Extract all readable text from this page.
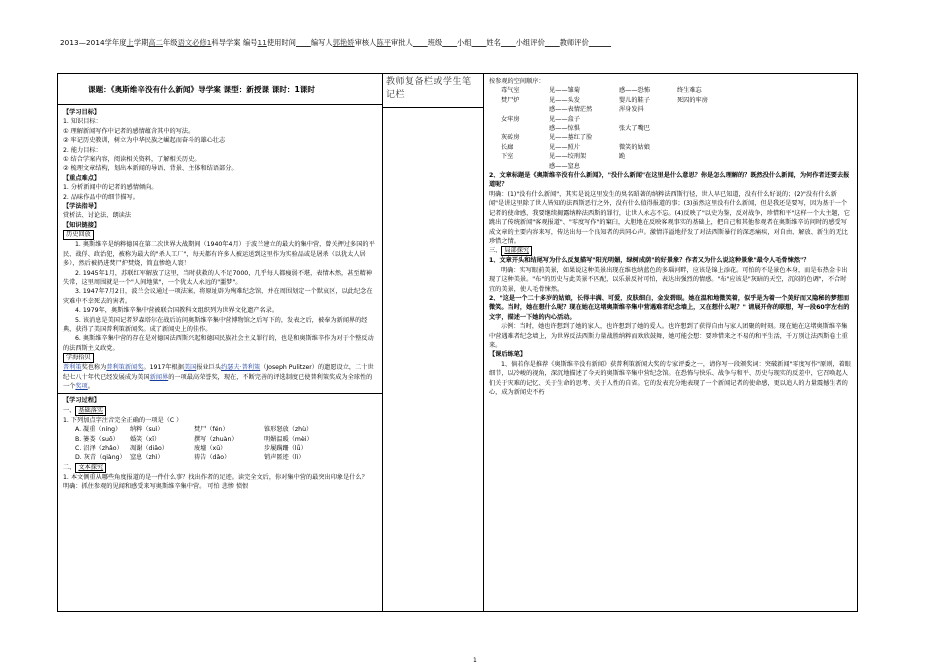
2013—2014学年度上学期高二年级语文必修1科导学案 编号11使用时间____编写人郭艳娇审核人陈平审批人____班级____小组____姓名____小组评价____教师评价______
课题：《奥斯维辛没有什么新闻》导学案 课型：新授课 课时：1课时

【学习目标】

1. 知识目标：

① 理解新闻写作中记者的感情蕴含其中的写法。

② 牢记历史教训，树立为中华民族之崛起而奋斗的雄心壮志

2. 能力目标：

① 结合学案内容，阅读相关资料，了解相关历史。

② 梳理文章结构，划出本新闻的导语、背景、主体和结语部分。

【重点难点】

1. 分析新闻中的记者的感情倾向。

2. 品味作品中的细节描写。

【学法指导】

赏析法、讨论法、朗读法

【知识链接】

历史回放

1. 奥斯维辛是纳粹德国在第二次世界大战期间（1940年4月）于波兰建立的最大的集中营，曾关押过多国的平民、战俘、政治犯，被称为最大的"杀人工厂"，每天都有许多人被运送到这里作为实验品或是屠杀（以犹太人居多），然后被扔进焚尸炉焚烧，简直惨绝人寰！

2. 1945年1月，苏联红军解放了这里，当时获救的人不足7000，几乎每人都瘦弱不堪，表情木然，甚至精神失常，这里周围就是一个"人间地狱"，一个犹太人永远的"噩梦"。

3. 1947年7月2日，波兰会议通过一项法案，将原址辟为殉难纪念馆，并在周围划定一个默哀区，以此纪念在灾难中不幸死去的害者。

4. 1979年，奥斯维辛集中营被联合国教科文组织列为世界文化遗产名录。

5. 该消息是美国记者罗森塔尔在战后访问奥斯维辛集中营博物馆之后写下的，发表之后，被奉为新闻界的经典，获得了美国普利策新闻奖。成了新闻史上的佳作。

6. 奥斯维辛集中营的存在是对德国法西斯兴起和德国民族社会主义罪行的，也是和奥斯维辛作为对于个整反动的法西斯主义政党。

学海拾贝

普利策奖也称为普利策新闻奖。1917年根据美国报业巨头约瑟夫·普利策（Joseph Pulitzer）的遗愿设立，二十世纪七八十年代已经发展成为美国新闻界的一项最高荣誉奖，现在，不断完善的评选制度已使普利策奖成为全球性的一个奖项。

【学习过程】

一、 基础落实

1. 下列加点字注音完全正确的一项是（C ）

A. 凝重（níng）	纳粹（suì）	焚尸（fén）	锥形怒放（zhù）
B. 篓娄（suō）	婚笑（xī）	撰写（zhuàn）	明媚温暖（mèi）
C. 沼泽（zhǎo）	凋谢（diāo）	废墟（xū）	步履蹒跚（lǚ）
D. 灰青（qiàng） 窒息（zhì）	祷告（dǎo）	销声匿迹（lì）

二、 文本探究

1. 本文侧重从哪些角度报道的是一件什么事？找出作者的足迹。读完全文后，你对集中营的最突出印象是什么？

明确：抓住参观的见闻和感受来写奥斯维辛集中营。 可怕 悲惨 愤恨

教师复备栏或学生笔记栏

按参观的空间顺序：

毒气室	见——雏菊	感——恐怖	终生难忘
焚尸炉	见——头发	婴儿的鞋子	死囚的牢房
感——表情茫然	浑身发抖
女牢房	见——盒子
感——惊惧	张大了嘴巴
灰砖房	见——墓红了脸
长廊	见——照片	微笑的姑娘
下室	见——绞刑架	跪
感——窒息

2、文章标题是《奥斯维辛没有什么新闻》，"没什么新闻"在这里是什么意思？你是怎么理解的？既然没什么新闻，为何作者还要去报道呢？

明确：(1)"没有什么新闻"，其实是说这里发生的臭名昭著的纳粹法西斯行径，世人早已知道，没有什么好说的；(2)"没有什么新闻"是讲这里除了世人皆知的法西斯恶行之外，没有什么值得报道的事；(3)虽然这里没有什么新闻，但是我还是要写，因为基于一个记者的使命感，我要继续揭露纳粹法西斯的罪行，让世人永志不忘。(4)反映了"以史为鉴，反对战争，珍惜和平"这样一个大主题，它跳出了传统新闻"客观报道"、"零度写作"的窠臼，大胆地在反映客观事实的基础上，把自己和其他参观者在奥斯维辛访问时的感受写成文章的主要内容来写，传达出每一个良知者的共同心声。激情洋溢地抒发了对法西斯暴行的深恶痛疾，对自由、解放、新生的无比珍惜之情。

三、 局部探究

1、文章开头和结尾写为什么反复描写"阳光明媚，绿树成荫"的好景象？作者又为什么说这种景象"最令人毛骨悚然"？

明确：实写眼前美景，如果说这种美景出现在维也纳蓝色的多瑙河畔，应该是锦上添花。可怕的不是景色本身，而是布热金卡出现了这种美景。"布"的历史与此美景不匹配，以乐景反衬可怕，表达出强烈的情感。"布"应该是"灰暗的天空，沉闷的色调"，不合时宜的美景，使人毛骨悚然。

2、"这是一个二十多岁的姑娘，长得丰满、可爱，皮肤细白，金发碧眼。她在温和地微笑着，似乎是为着一个美好而又隐秘的梦想而微笑。当时，她在想什么呢？现在她在这堵奥斯维辛集中营遇难者纪念墙上，又在想什么呢？" 请展开你的联想，写一段60字左右的文字，描述一下她的内心活动。

示例：当时，她也许想到了她的家人，也许想到了她的爱人。也许想到了获得自由与家人团聚的时刻。现在她在这堵奥斯维辛集中营遇难者纪念墙上，为世界反法西斯力量战胜纳粹而欢欣鼓舞，她可能会想：要珍惜来之不易的和平生活，千万别让法西斯卷土重来。

【课后练笔】

1、倘若你是推荐《奥斯维辛没有新闻》获普利策新闻大奖的专家评委之一，请你写一段颁奖词：突破新闻"零度写作"原则，着眼细节，以冷峻的视角，深沉地描述了今天的奥斯维辛集中营纪念馆。在恐怖与快乐、战争与和平、历史与现实的反差中，它召唤起人们关于灾难的记忆、关于生命的思考、关于人性的自省。它的发表充分地表现了一个新闻记者的使命感，更以追人的力量震撼生者的心，成为新闻史不朽

1
